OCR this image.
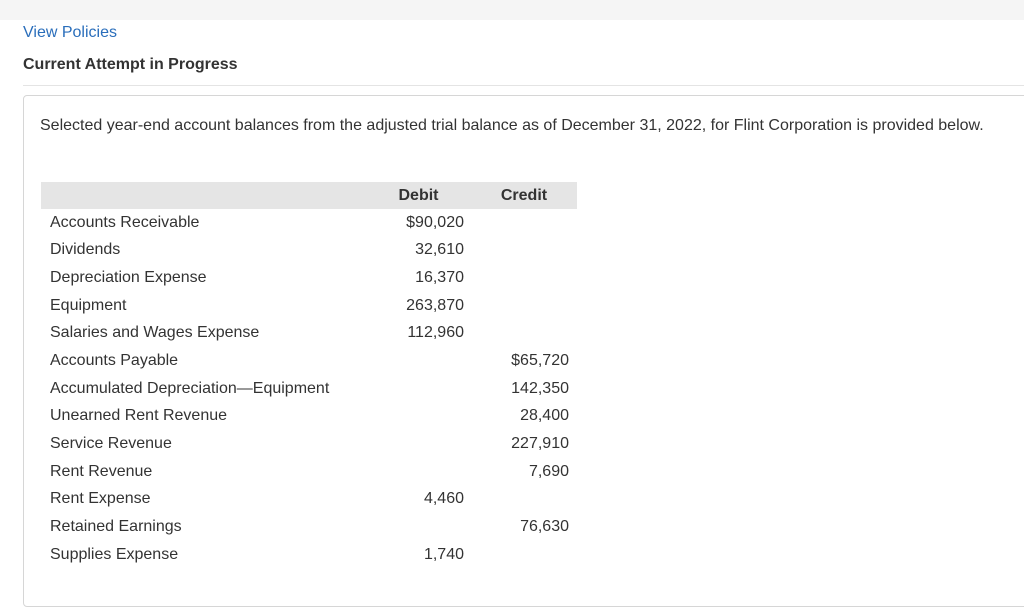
View Policies
Current Attempt in Progress
Selected year-end account balances from the adjusted trial balance as of December 31, 2022, for Flint Corporation is provided below.
	Debit	Credit
Accounts Receivable	$90,020	
Dividends	32,610	
Depreciation Expense	16,370	
Equipment	263,870	
Salaries and Wages Expense	112,960	
Accounts Payable		$65,720
Accumulated Depreciation—Equipment		142,350
Unearned Rent Revenue		28,400
Service Revenue		227,910
Rent Revenue		7,690
Rent Expense	4,460	
Retained Earnings		76,630
Supplies Expense	1,740	
